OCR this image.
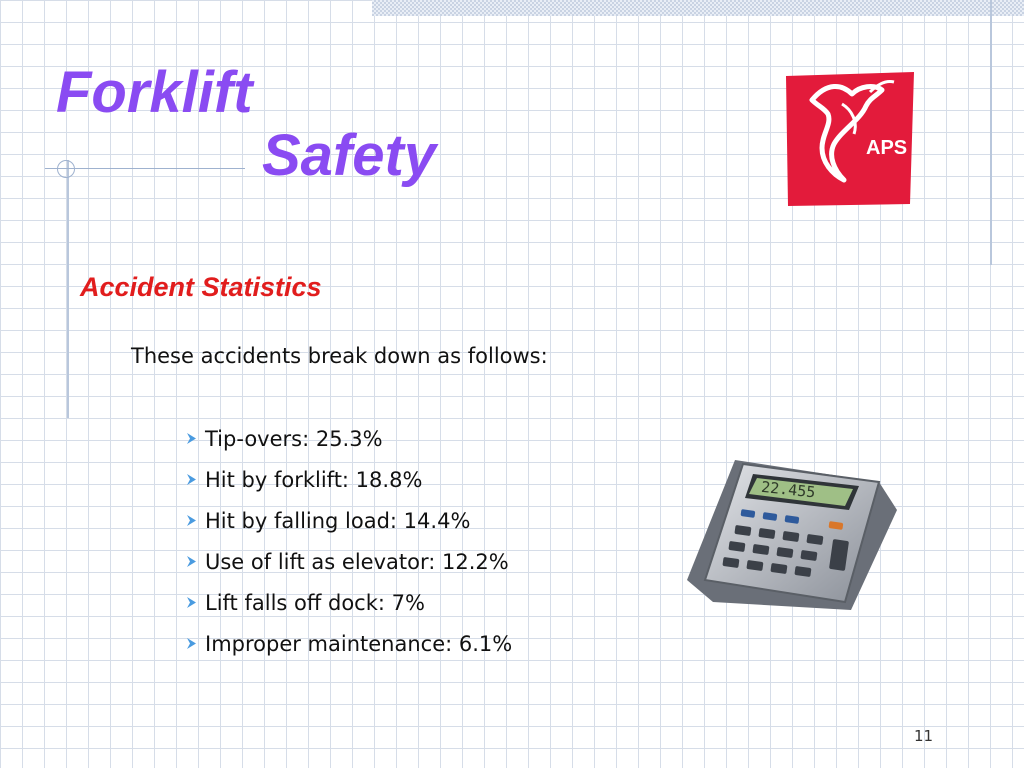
Forklift
Safety	APS
Accident Statistics

These accidents break down as follows:

Tip-overs: 25.3%
Hit by forklift: 18.8%
Hit by falling load: 14.4%
Use of lift as elevator: 12.2%
Lift falls off dock: 7%
Improper maintenance: 6.1%
22.455

11
